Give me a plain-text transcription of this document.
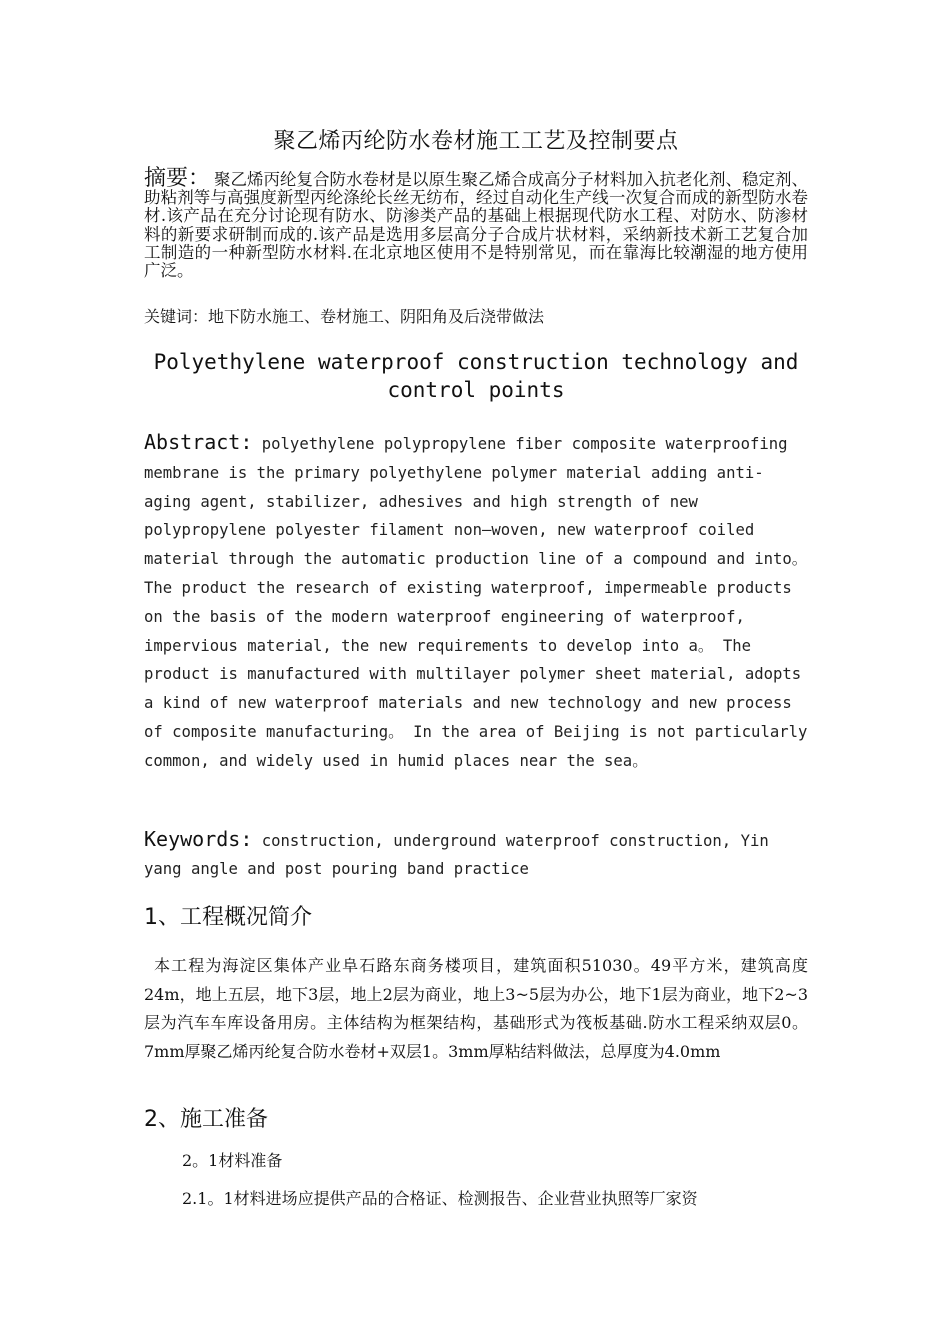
聚乙烯丙纶防水卷材施工工艺及控制要点
摘要： 聚乙烯丙纶复合防水卷材是以原生聚乙烯合成高分子材料加入抗老化剂、稳定剂、助粘剂等与高强度新型丙纶涤纶长丝无纺布，经过自动化生产线一次复合而成的新型防水卷材.该产品在充分讨论现有防水、防渗类产品的基础上根据现代防水工程、对防水、防渗材料的新要求研制而成的.该产品是选用多层高分子合成片状材料，采纳新技术新工艺复合加工制造的一种新型防水材料.在北京地区使用不是特别常见，而在靠海比较潮湿的地方使用广泛。
关键词：地下防水施工、卷材施工、阴阳角及后浇带做法
Polyethylene waterproof construction technology and control points
Abstract: polyethylene polypropylene fiber composite waterproofing membrane is the primary polyethylene polymer material adding anti-aging agent, stabilizer, adhesives and high strength of new polypropylene polyester filament non—woven, new waterproof coiled material through the automatic production line of a compound and into。 The product the research of existing waterproof, impermeable products on the basis of the modern waterproof engineering of waterproof, impervious material, the new requirements to develop into a。 The product is manufactured with multilayer polymer sheet material, adopts a kind of new waterproof materials and new technology and new process of composite manufacturing。 In the area of Beijing is not particularly common, and widely used in humid places near the sea。
Keywords: construction, underground waterproof construction, Yin yang angle and post pouring band practice
1、工程概况简介
本工程为海淀区集体产业阜石路东商务楼项目，建筑面积51030。49平方米，建筑高度24m，地上五层，地下3层，地上2层为商业，地上3~5层为办公，地下1层为商业，地下2~3层为汽车车库设备用房。主体结构为框架结构，基础形式为筏板基础.防水工程采纳双层0。7mm厚聚乙烯丙纶复合防水卷材+双层1。3mm厚粘结料做法，总厚度为4.0mm
2、施工准备
2。1材料准备
2.1。1材料进场应提供产品的合格证、检测报告、企业营业执照等厂家资
